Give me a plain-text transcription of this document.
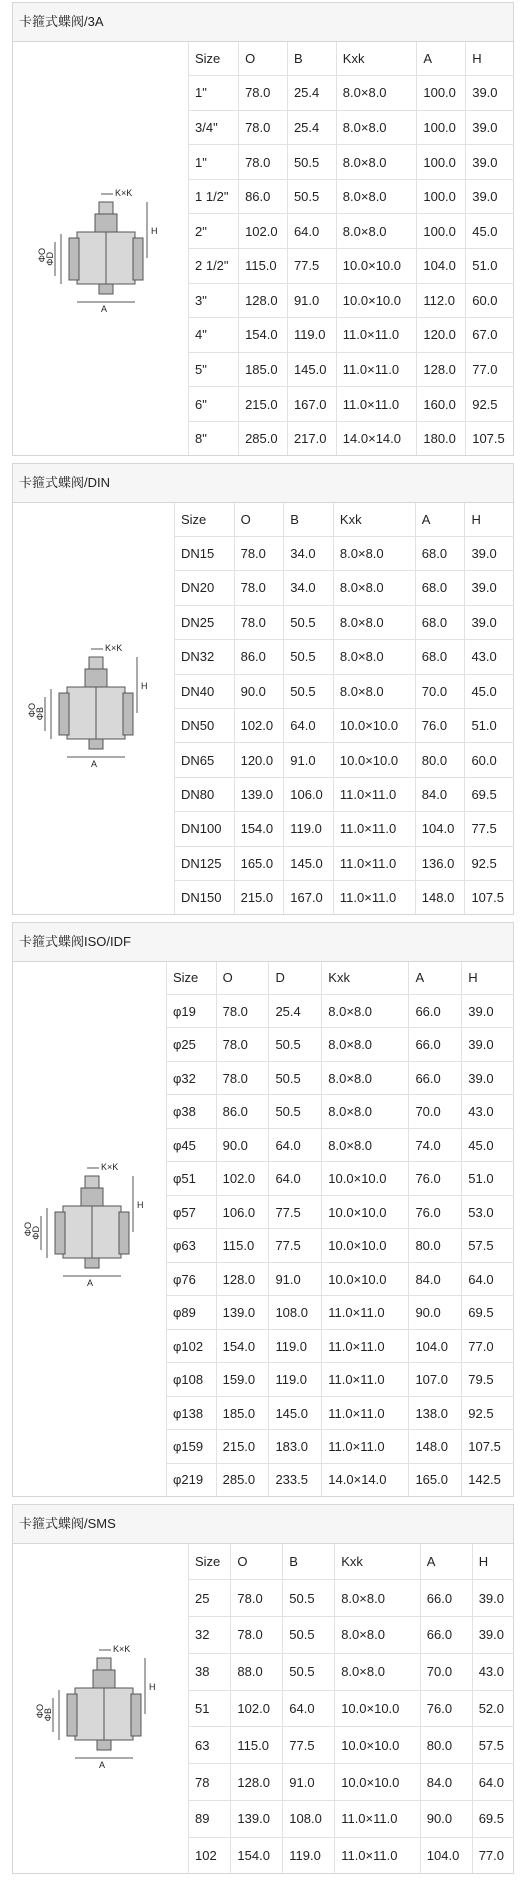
卡箍式蝶阀/3A
K×K
H
A
ΦO
ΦD
Size	O	B	Kxk	A	H
1"	78.0	25.4	8.0×8.0	100.0	39.0
3/4"	78.0	25.4	8.0×8.0	100.0	39.0
1"	78.0	50.5	8.0×8.0	100.0	39.0
1 1/2"	86.0	50.5	8.0×8.0	100.0	39.0
2"	102.0	64.0	8.0×8.0	100.0	45.0
2 1/2"	115.0	77.5	10.0×10.0	104.0	51.0
3"	128.0	91.0	10.0×10.0	112.0	60.0
4"	154.0	119.0	11.0×11.0	120.0	67.0
5"	185.0	145.0	11.0×11.0	128.0	77.0
6"	215.0	167.0	11.0×11.0	160.0	92.5
8"	285.0	217.0	14.0×14.0	180.0	107.5
卡箍式蝶阀/DIN
K×K
H
A
ΦO
ΦB
Size	O	B	Kxk	A	H
DN15	78.0	34.0	8.0×8.0	68.0	39.0
DN20	78.0	34.0	8.0×8.0	68.0	39.0
DN25	78.0	50.5	8.0×8.0	68.0	39.0
DN32	86.0	50.5	8.0×8.0	68.0	43.0
DN40	90.0	50.5	8.0×8.0	70.0	45.0
DN50	102.0	64.0	10.0×10.0	76.0	51.0
DN65	120.0	91.0	10.0×10.0	80.0	60.0
DN80	139.0	106.0	11.0×11.0	84.0	69.5
DN100	154.0	119.0	11.0×11.0	104.0	77.5
DN125	165.0	145.0	11.0×11.0	136.0	92.5
DN150	215.0	167.0	11.0×11.0	148.0	107.5
卡箍式蝶阀ISO/IDF
K×K
H
A
ΦO
ΦD
Size	O	D	Kxk	A	H
φ19	78.0	25.4	8.0×8.0	66.0	39.0
φ25	78.0	50.5	8.0×8.0	66.0	39.0
φ32	78.0	50.5	8.0×8.0	66.0	39.0
φ38	86.0	50.5	8.0×8.0	70.0	43.0
φ45	90.0	64.0	8.0×8.0	74.0	45.0
φ51	102.0	64.0	10.0×10.0	76.0	51.0
φ57	106.0	77.5	10.0×10.0	76.0	53.0
φ63	115.0	77.5	10.0×10.0	80.0	57.5
φ76	128.0	91.0	10.0×10.0	84.0	64.0
φ89	139.0	108.0	11.0×11.0	90.0	69.5
φ102	154.0	119.0	11.0×11.0	104.0	77.0
φ108	159.0	119.0	11.0×11.0	107.0	79.5
φ138	185.0	145.0	11.0×11.0	138.0	92.5
φ159	215.0	183.0	11.0×11.0	148.0	107.5
φ219	285.0	233.5	14.0×14.0	165.0	142.5
卡箍式蝶阀/SMS
K×K
H
A
ΦO
ΦB
Size	O	B	Kxk	A	H
25	78.0	50.5	8.0×8.0	66.0	39.0
32	78.0	50.5	8.0×8.0	66.0	39.0
38	88.0	50.5	8.0×8.0	70.0	43.0
51	102.0	64.0	10.0×10.0	76.0	52.0
63	115.0	77.5	10.0×10.0	80.0	57.5
78	128.0	91.0	10.0×10.0	84.0	64.0
89	139.0	108.0	11.0×11.0	90.0	69.5
102	154.0	119.0	11.0×11.0	104.0	77.0
